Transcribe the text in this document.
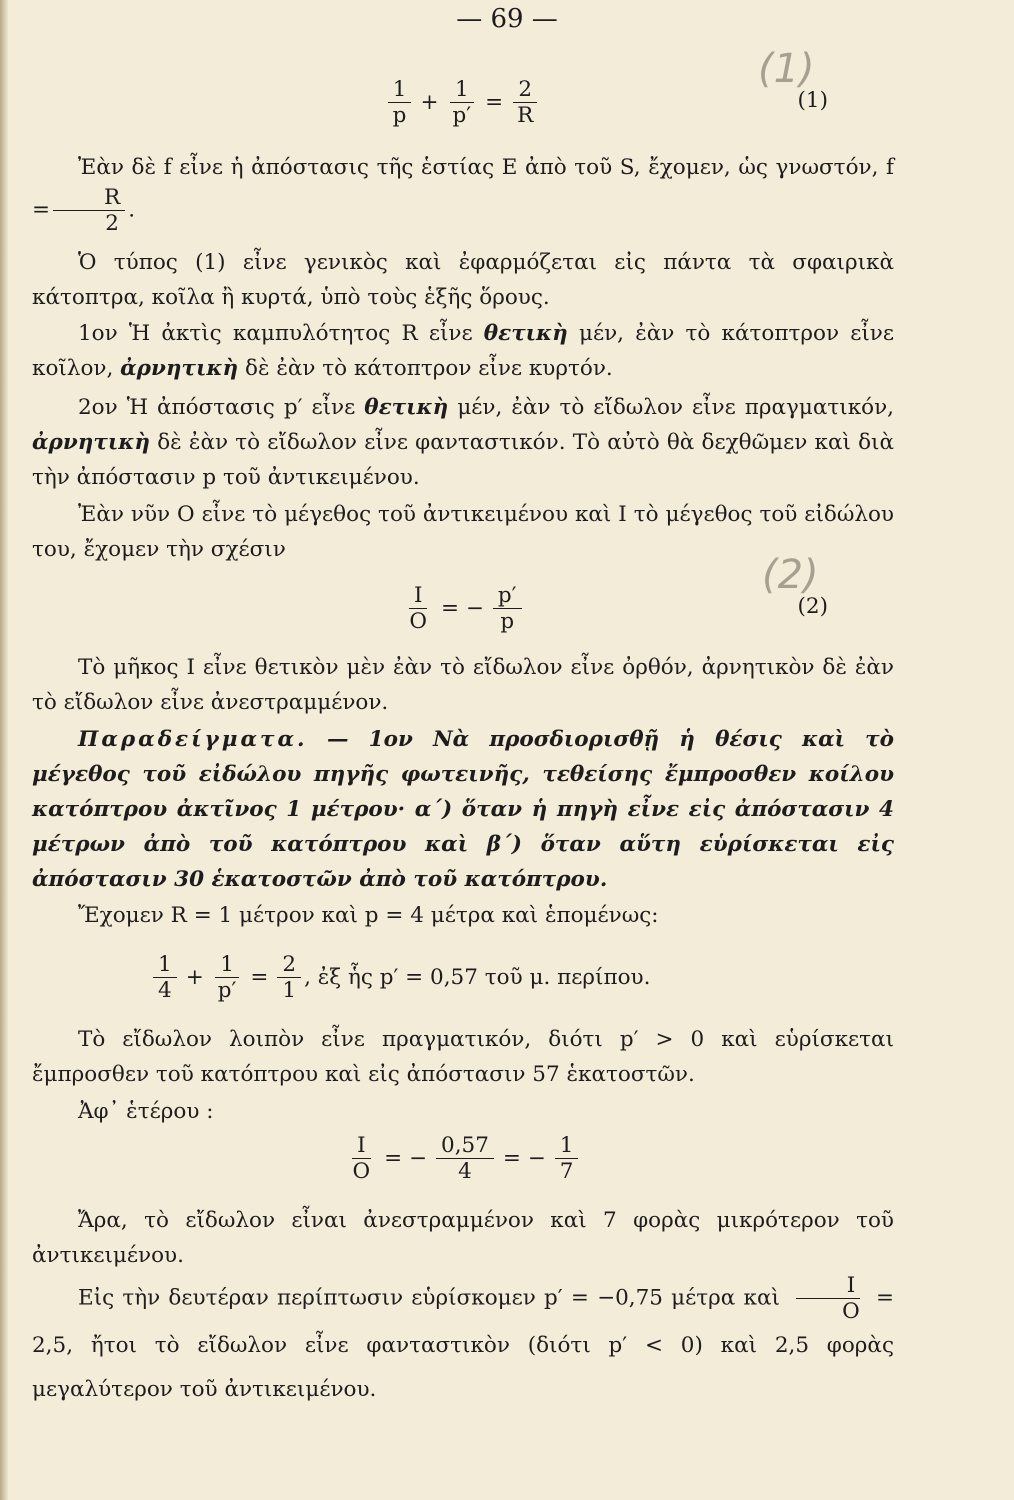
— 69 —
$\frac{1}{p} + \frac{1}{p'} = \frac{2}{R}$	(1)
(1)

Ἐὰν δὲ f εἶνε ἡ ἀπόστασις τῆς ἑστίας Ε ἀπὸ τοῦ S, ἔχομεν, ὡς γνωστόν, $f = \frac{R}{2}$ .

Ὁ τύπος (1) εἶνε γενικὸς καὶ ἐφαρμόζεται εἰς πάντα τὰ σφαιρικὰ κάτοπτρα, κοῖλα ἢ κυρτά, ὑπὸ τοὺς ἑξῆς ὅρους.

1ον Ἡ ἀκτὶς καμπυλότητος R εἶνε θετικὴ μέν, ἐὰν τὸ κάτοπτρον εἶνε κοῖλον, ἀρνητικὴ δὲ ἐὰν τὸ κάτοπτρον εἶνε κυρτόν.

2ον Ἡ ἀπόστασις p′ εἶνε θετικὴ μέν, ἐὰν τὸ εἴδωλον εἶνε πραγματικόν, ἀρνητικὴ δὲ ἐὰν τὸ εἴδωλον εἶνε φανταστικόν. Τὸ αὐτὸ θὰ δεχθῶμεν καὶ διὰ τὴν ἀπόστασιν p τοῦ ἀντικειμένου.

Ἐὰν νῦν Ο εἶνε τὸ μέγεθος τοῦ ἀντικειμένου καὶ Ι τὸ μέγεθος τοῦ εἰδώλου του, ἔχομεν τὴν σχέσιν

$\frac{I}{O}$ = − $\frac{p'}{p}$	(2)
(2)

Τὸ μῆκος Ι εἶνε θετικὸν μὲν ἐὰν τὸ εἴδωλον εἶνε ὀρθόν, ἀρνητικὸν δὲ ἐὰν τὸ εἴδωλον εἶνε ἀνεστραμμένον.

Παραδείγματα. — 1ον Νὰ προσδιορισθῇ ἡ θέσις καὶ τὸ μέγεθος τοῦ εἰδώλου πηγῆς φωτεινῆς, τεθείσης ἔμπροσθεν κοίλου κατόπτρου ἀκτῖνος 1 μέτρου· α΄) ὅταν ἡ πηγὴ εἶνε εἰς ἀπόστασιν 4 μέτρων ἀπὸ τοῦ κατόπτρου καὶ β΄) ὅταν αὕτη εὑρίσκεται εἰς ἀπόστασιν 30 ἑκατοστῶν ἀπὸ τοῦ κατόπτρου.

Ἔχομεν R = 1 μέτρον καὶ p = 4 μέτρα καὶ ἑπομένως:

$\frac{1}{4} + \frac{1}{p'} = \frac{2}{1}$ , ἐξ ἧς p′ = 0,57 τοῦ μ. περίπου.

Τὸ εἴδωλον λοιπὸν εἶνε πραγματικόν, διότι p′ > 0 καὶ εὑρίσκεται ἔμπροσθεν τοῦ κατόπτρου καὶ εἰς ἀπόστασιν 57 ἑκατοστῶν.

Ἀφ᾽ ἑτέρου :

$\frac{I}{O}$ = − $\frac{0,57}{4}$ = − $\frac{1}{7}$

Ἄρα, τὸ εἴδωλον εἶναι ἀνεστραμμένον καὶ 7 φορὰς μικρότερον τοῦ ἀντικειμένου.

Εἰς τὴν δευτέραν περίπτωσιν εὑρίσκομεν p′ = −0,75 μέτρα καὶ $\frac{I}{O} = 2,5$, ἤτοι τὸ εἴδωλον εἶνε φανταστικὸν (διότι p′ < 0) καὶ 2,5 φορὰς μεγαλύτερον τοῦ ἀντικειμένου.
